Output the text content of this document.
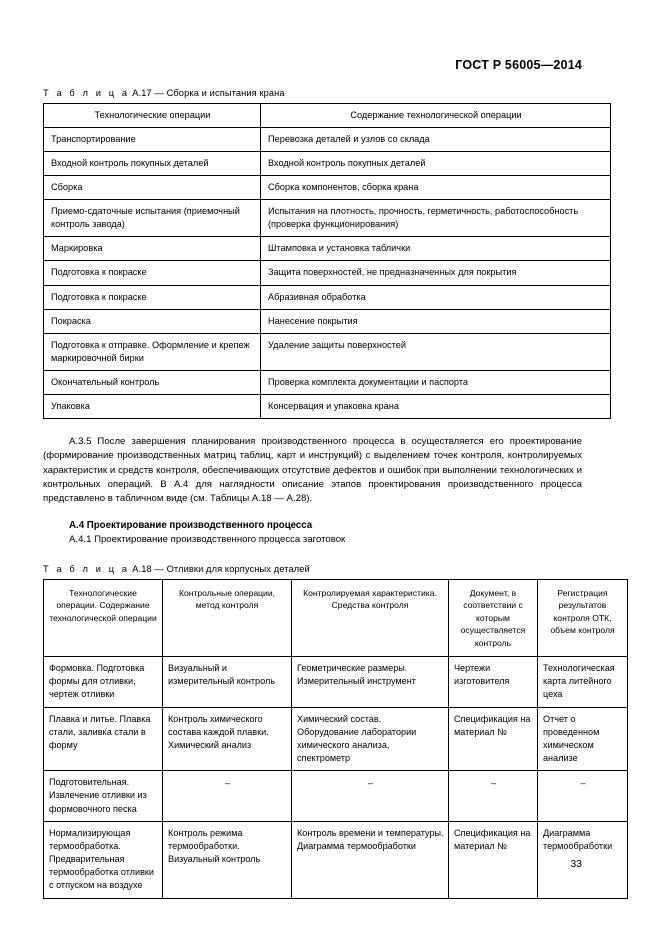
ГОСТ Р 56005—2014

Т а б л и ц а А.17 — Сборка и испытания крана

Технологические операции	Содержание технологической операции
Транспортирование	Перевозка деталей и узлов со склада
Входной контроль покупных деталей	Входной контроль покупных деталей
Сборка	Сборка компонентов, сборка крана
Приемо-сдаточные испытания (приемочный контроль завода)	Испытания на плотность, прочность, герметичность, работоспособность (проверка функционирования)
Маркировка	Штамповка и установка таблички
Подготовка к покраске	Защита поверхностей, не предназначенных для покрытия
Подготовка к покраске	Абразивная обработка
Покраска	Нанесение покрытия
Подготовка к отправке. Оформление и крепеж маркировочной бирки	Удаление защиты поверхностей
Окончательный контроль	Проверка комплекта документации и паспорта
Упаковка	Консервация и упаковка крана

А.3.5 После завершения планирования производственного процесса в осуществляется его проектирование (формирование производственных матриц таблиц, карт и инструкций) с выделением точек контроля, контролируемых характеристик и средств контроля, обеспечивающих отсутствие дефектов и ошибок при выполнении технологических и контрольных операций. В А.4 для наглядности описание этапов проектирования производственного процесса представлено в табличном виде (см. Таблицы А.18 — А.28).

А.4 Проектирование производственного процесса

А.4.1 Проектирование производственного процесса заготовок

Т а б л и ц а А.18 — Отливки для корпусных деталей

Технологические операции. Содержание технологической операции	Контрольные операции, метод контроля	Контролируемая характеристика. Средства контроля	Документ, в соответствии с которым осуществляется контроль	Регистрация результатов контроля ОТК, объем контроля
Формовка. Подготовка формы для отливки, чертеж отливки	Визуальный и измерительный контроль	Геометрические размеры. Измерительный инструмент	Чертежи изготовителя	Технологическая карта литейного цеха
Плавка и литье. Плавка стали, заливка стали в форму	Контроль химического состава каждой плавки. Химический анализ	Химический состав. Оборудование лаборатории химического анализа, спектрометр	Спецификация на материал №	Отчет о проведенном химическом анализе
Подготовительная. Извлечение отливки из формовочного песка	–	–	–	–
Нормализирующая термообработка. Предварительная термообработка отливки с отпуском на воздухе	Контроль режима термообработки. Визуальный контроль	Контроль времени и температуры. Диаграмма термообработки	Спецификация на материал №	Диаграмма термообработки
33
